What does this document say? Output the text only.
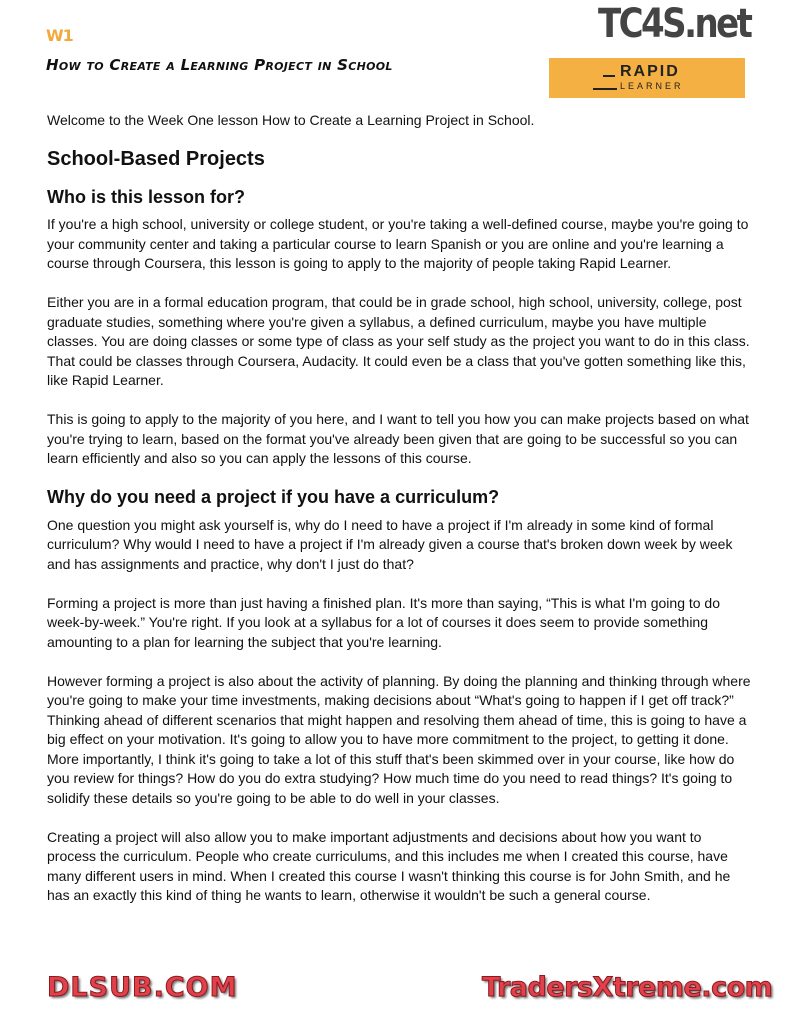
W1
How to Create a Learning Project in School
TC4S.net
RAPID
LEARNER

Welcome to the Week One lesson How to Create a Learning Project in School.

School-Based Projects
Who is this lesson for?

If you're a high school, university or college student, or you're taking a well-defined course, maybe you're going to your community center and taking a particular course to learn Spanish or you are online and you're learning a course through Coursera, this lesson is going to apply to the majority of people taking Rapid Learner.

Either you are in a formal education program, that could be in grade school, high school, university, college, post graduate studies, something where you're given a syllabus, a defined curriculum, maybe you have multiple classes. You are doing classes or some type of class as your self study as the project you want to do in this class. That could be classes through Coursera, Audacity. It could even be a class that you've gotten something like this, like Rapid Learner.

This is going to apply to the majority of you here, and I want to tell you how you can make projects based on what you're trying to learn, based on the format you've already been given that are going to be successful so you can learn efficiently and also so you can apply the lessons of this course.

Why do you need a project if you have a curriculum?

One question you might ask yourself is, why do I need to have a project if I'm already in some kind of formal curriculum? Why would I need to have a project if I'm already given a course that's broken down week by week and has assignments and practice, why don't I just do that?

Forming a project is more than just having a finished plan. It's more than saying, “This is what I'm going to do week-by-week.” You're right. If you look at a syllabus for a lot of courses it does seem to provide something amounting to a plan for learning the subject that you're learning.

However forming a project is also about the activity of planning. By doing the planning and thinking through where you're going to make your time investments, making decisions about “What's going to happen if I get off track?” Thinking ahead of different scenarios that might happen and resolving them ahead of time, this is going to have a big effect on your motivation. It's going to allow you to have more commitment to the project, to getting it done. More importantly, I think it's going to take a lot of this stuff that's been skimmed over in your course, like how do you review for things? How do you do extra studying? How much time do you need to read things? It's going to solidify these details so you're going to be able to do well in your classes.

Creating a project will also allow you to make important adjustments and decisions about how you want to process the curriculum. People who create curriculums, and this includes me when I created this course, have many different users in mind. When I created this course I wasn't thinking this course is for John Smith, and he has an exactly this kind of thing he wants to learn, otherwise it wouldn't be such a general course.

DLSUB.COM	TradersXtreme.com
